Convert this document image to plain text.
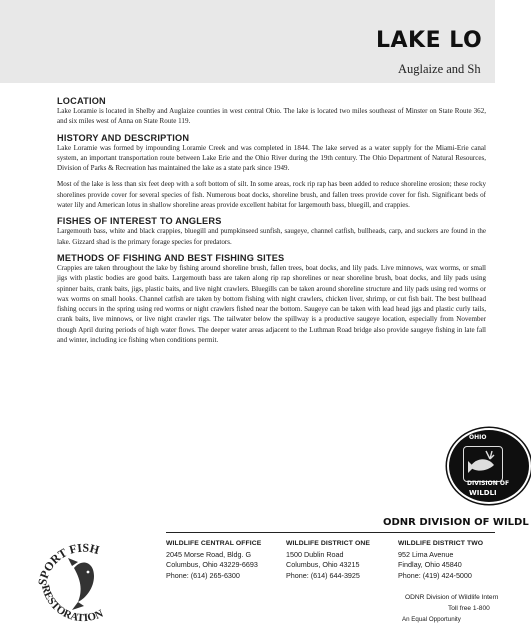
LAKE LO
Auglaize and Sh
LOCATION

Lake Loramie is located in Shelby and Auglaize counties in west central Ohio. The lake is located two miles southeast of Minster on State Route 362, and six miles west of Anna on State Route 119.

HISTORY AND DESCRIPTION

Lake Loramie was formed by impounding Loramie Creek and was completed in 1844. The lake served as a water supply for the Miami-Erie canal system, an important transportation route between Lake Erie and the Ohio River during the 19th century. The Ohio Department of Natural Resources, Division of Parks & Recreation has maintained the lake as a state park since 1949.

Most of the lake is less than six feet deep with a soft bottom of silt. In some areas, rock rip rap has been added to reduce shoreline erosion; these rocky shorelines provide cover for several species of fish. Numerous boat docks, shoreline brush, and fallen trees provide cover for fish. Significant beds of water lily and American lotus in shallow shoreline areas provide excellent habitat for largemouth bass, bluegill, and crappies.

FISHES OF INTEREST TO ANGLERS

Largemouth bass, white and black crappies, bluegill and pumpkinseed sunfish, saugeye, channel catfish, bullheads, carp, and suckers are found in the lake. Gizzard shad is the primary forage species for predators.

METHODS OF FISHING AND BEST FISHING SITES

Crappies are taken throughout the lake by fishing around shoreline brush, fallen trees, boat docks, and lily pads. Live minnows, wax worms, or small jigs with plastic bodies are good baits. Largemouth bass are taken along rip rap shorelines or near shoreline brush, boat docks, and lily pads using spinner baits, crank baits, jigs, plastic baits, and live night crawlers. Bluegills can be taken around shoreline structure and lily pads using red worms or wax worms on small hooks. Channel catfish are taken by bottom fishing with night crawlers, chicken liver, shrimp, or cut fish bait. The best bullhead fishing occurs in the spring using red worms or night crawlers fished near the bottom. Saugeye can be taken with lead head jigs and plastic curly tails, crank baits, live minnows, or live night crawler rigs. The tailwater below the spillway is a productive saugeye location, especially from November though April during periods of high water flows. The deeper water areas adjacent to the Luthman Road bridge also provide saugeye fishing in late fall and winter, including ice fishing when conditions permit.

OHIO
DIVISION OF
WILDLI
ODNR DIVISION OF WILDL
WILDLIFE CENTRAL OFFICE
2045 Morse Road, Bldg. G
Columbus, Ohio 43229-6693
Phone: (614) 265-6300
WILDLIFE DISTRICT ONE
1500 Dublin Road
Columbus, Ohio 43215
Phone: (614) 644-3925
WILDLIFE DISTRICT TWO
952 Lima Avenue
Findlay, Ohio 45840
Phone: (419) 424-5000
ODNR Division of Wildlife Intern
Toll free 1-800
An Equal Opportunity
SPORT FISH
RESTORATION
